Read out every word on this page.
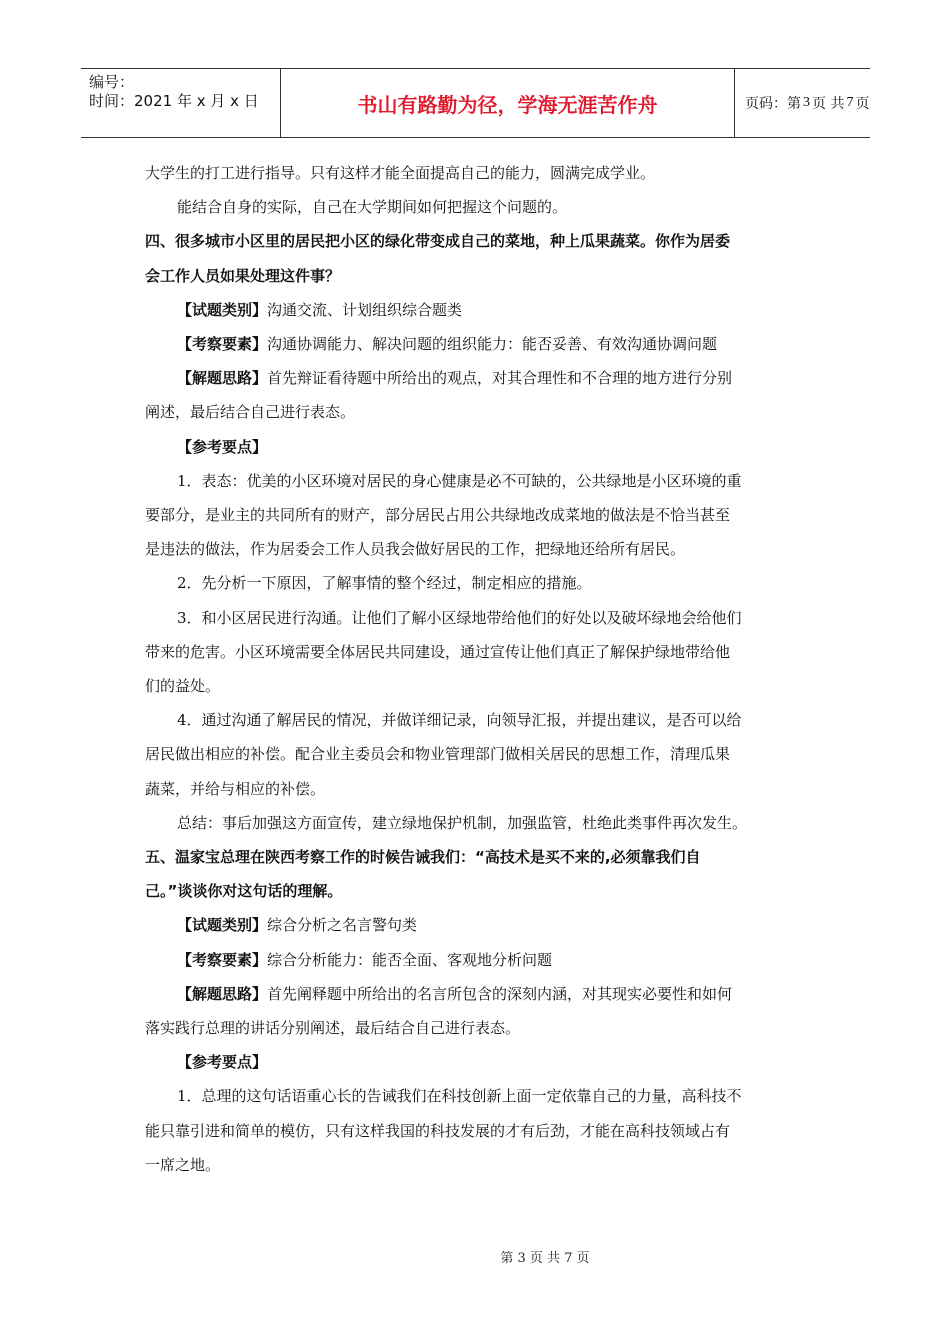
编号：
时间：2021 年 x 月 x 日	书山有路勤为径，学海无涯苦作舟	页码：第 3 页 共 7 页

大学生的打工进行指导。只有这样才能全面提高自己的能力，圆满完成学业。

能结合自身的实际，自己在大学期间如何把握这个问题的。

四、很多城市小区里的居民把小区的绿化带变成自己的菜地，种上瓜果蔬菜。你作为居委

会工作人员如果处理这件事？

【试题类别】沟通交流、计划组织综合题类

【考察要素】沟通协调能力、解决问题的组织能力：能否妥善、有效沟通协调问题

【解题思路】首先辩证看待题中所给出的观点，对其合理性和不合理的地方进行分别

阐述，最后结合自己进行表态。

【参考要点】

1．表态：优美的小区环境对居民的身心健康是必不可缺的，公共绿地是小区环境的重

要部分，是业主的共同所有的财产，部分居民占用公共绿地改成菜地的做法是不恰当甚至

是违法的做法，作为居委会工作人员我会做好居民的工作，把绿地还给所有居民。

2．先分析一下原因，了解事情的整个经过，制定相应的措施。

3．和小区居民进行沟通。让他们了解小区绿地带给他们的好处以及破坏绿地会给他们

带来的危害。小区环境需要全体居民共同建设，通过宣传让他们真正了解保护绿地带给他

们的益处。

4．通过沟通了解居民的情况，并做详细记录，向领导汇报，并提出建议，是否可以给

居民做出相应的补偿。配合业主委员会和物业管理部门做相关居民的思想工作，清理瓜果

蔬菜，并给与相应的补偿。

总结：事后加强这方面宣传，建立绿地保护机制，加强监管，杜绝此类事件再次发生。

五、温家宝总理在陕西考察工作的时候告诫我们：“高技术是买不来的,必须靠我们自

己。”谈谈你对这句话的理解。

【试题类别】综合分析之名言警句类

【考察要素】综合分析能力：能否全面、客观地分析问题

【解题思路】首先阐释题中所给出的名言所包含的深刻内涵，对其现实必要性和如何

落实践行总理的讲话分别阐述，最后结合自己进行表态。

【参考要点】

1．总理的这句话语重心长的告诫我们在科技创新上面一定依靠自己的力量，高科技不

能只靠引进和简单的模仿，只有这样我国的科技发展的才有后劲，才能在高科技领域占有

一席之地。

第 3 页 共 7 页
